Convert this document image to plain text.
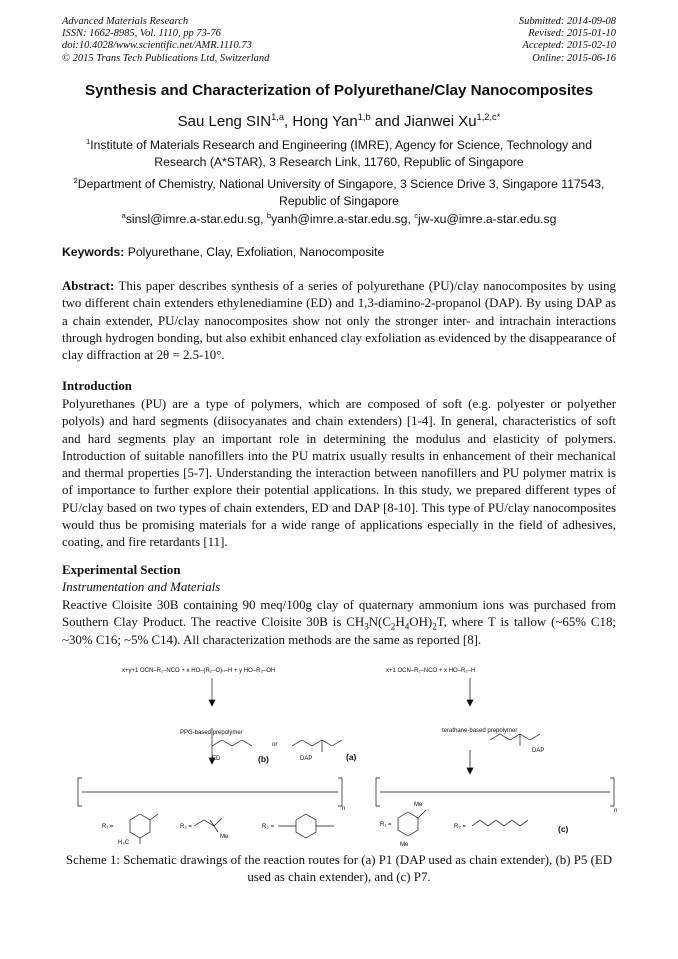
Advanced Materials Research
ISSN: 1662-8985, Vol. 1110, pp 73-76
doi:10.4028/www.scientific.net/AMR.1110.73
© 2015 Trans Tech Publications Ltd, Switzerland
Submitted: 2014-09-08
Revised: 2015-01-10
Accepted: 2015-02-10
Online: 2015-06-16
Synthesis and Characterization of Polyurethane/Clay Nanocomposites
Sau Leng SIN$^{1,a}$, Hong Yan$^{1,b}$ and Jianwei $Xu^{1,2,c*}$
$^1$Institute of Materials Research and Engineering (IMRE), Agency for Science, Technology and Research (A*STAR), 3 Research Link, 11760, Republic of Singapore
$^2$Department of Chemistry, National University of Singapore, 3 Science Drive 3, Singapore 117543, Republic of Singapore
$^a$sinsl@imre.a-star.edu.sg, $^b$yanh@imre.a-star.edu.sg, $^c$jw-xu@imre.a-star.edu.sg
Keywords: Polyurethane, Clay, Exfoliation, Nanocomposite
Abstract: This paper describes synthesis of a series of polyurethane (PU)/clay nanocomposites by using two different chain extenders ethylenediamine (ED) and 1,3-diamino-2-propanol (DAP). By using DAP as a chain extender, PU/clay nanocomposites show not only the stronger inter- and intrachain interactions through hydrogen bonding, but also exhibit enhanced clay exfoliation as evidenced by the disappearance of clay diffraction at 2θ = 2.5-10°.
Introduction
Polyurethanes (PU) are a type of polymers, which are composed of soft (e.g. polyester or polyether polyols) and hard segments (diisocyanates and chain extenders) [1-4]. In general, characteristics of soft and hard segments play an important role in determining the modulus and elasticity of polymers. Introduction of suitable nanofillers into the PU matrix usually results in enhancement of their mechanical and thermal properties [5-7]. Understanding the interaction between nanofillers and PU polymer matrix is of importance to further explore their potential applications. In this study, we prepared different types of PU/clay based on two types of chain extenders, ED and DAP [8-10]. This type of PU/clay nanocomposites would thus be promising materials for a wide range of applications especially in the field of adhesives, coating, and fire retardants [11].
Experimental Section
Instrumentation and Materials
Reactive Cloisite 30B containing 90 meq/100g clay of quaternary ammonium ions was purchased from Southern Clay Product. The reactive Cloisite 30B is $CH_3N(C_2H_4OH)_2T$, where T is tallow (~65% C18; ~30% C16; ~5% C14). All characterization methods are the same as reported [8].
x+y+1 OCN–R₁–NCO + x HO–(R₂–O)ₙ–H + y HO–R₃–OH
PPG-based prepolymer
x+1 OCN–R₁–NCO + x HO–R₂–H
terathane-based prepolymer
ED
or
DAP
DAP
(b)	(a)
(c)
n	n
R₁ =
H₃C
R₂ =
Me
R₃ =	R₁ =
Me
Me
R₂ =
Scheme 1: Schematic drawings of the reaction routes for (a) P1 (DAP used as chain extender), (b) P5 (ED used as chain extender), and (c) P7.
